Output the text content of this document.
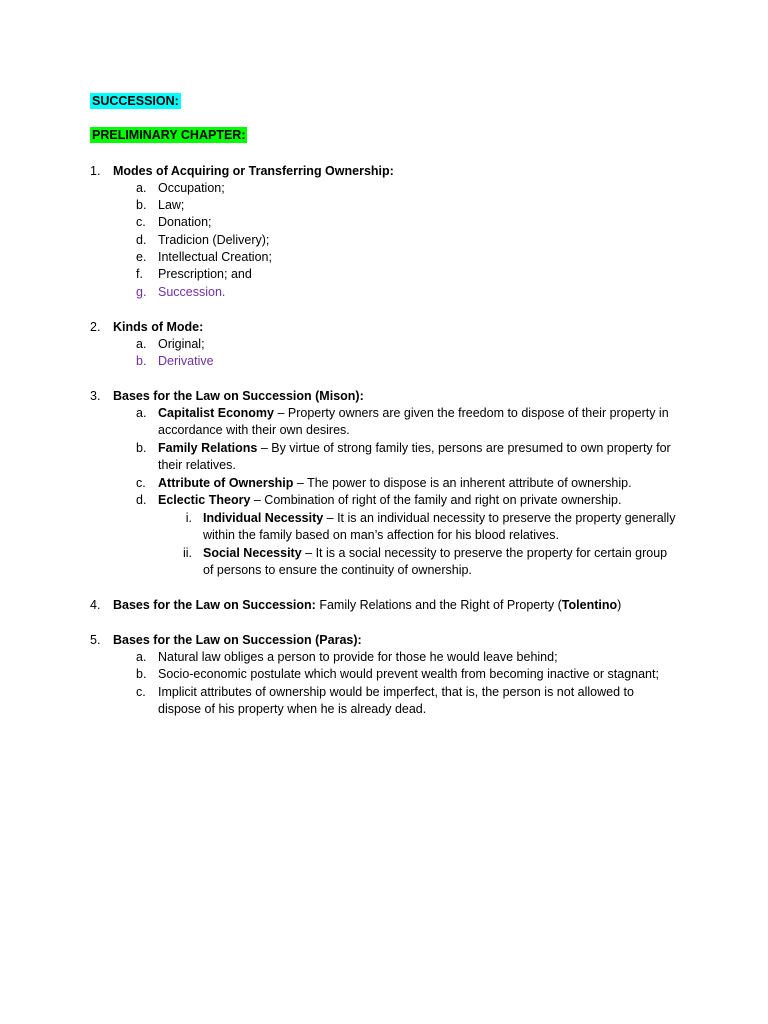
SUCCESSION:
PRELIMINARY CHAPTER:
1. Modes of Acquiring or Transferring Ownership:
a. Occupation;
b. Law;
c. Donation;
d. Tradicion (Delivery);
e. Intellectual Creation;
f. Prescription; and
g. Succession.
2. Kinds of Mode:
a. Original;
b. Derivative
3. Bases for the Law on Succession (Mison):
a. Capitalist Economy – Property owners are given the freedom to dispose of their property in
accordance with their own desires.
b. Family Relations – By virtue of strong family ties, persons are presumed to own property for
their relatives.
c. Attribute of Ownership – The power to dispose is an inherent attribute of ownership.
d. Eclectic Theory – Combination of right of the family and right on private ownership.
i. Individual Necessity – It is an individual necessity to preserve the property generally
within the family based on man’s affection for his blood relatives.
ii. Social Necessity – It is a social necessity to preserve the property for certain group
of persons to ensure the continuity of ownership.
4. Bases for the Law on Succession: Family Relations and the Right of Property (Tolentino)
5. Bases for the Law on Succession (Paras):
a. Natural law obliges a person to provide for those he would leave behind;
b. Socio-economic postulate which would prevent wealth from becoming inactive or stagnant;
c. Implicit attributes of ownership would be imperfect, that is, the person is not allowed to
dispose of his property when he is already dead.
